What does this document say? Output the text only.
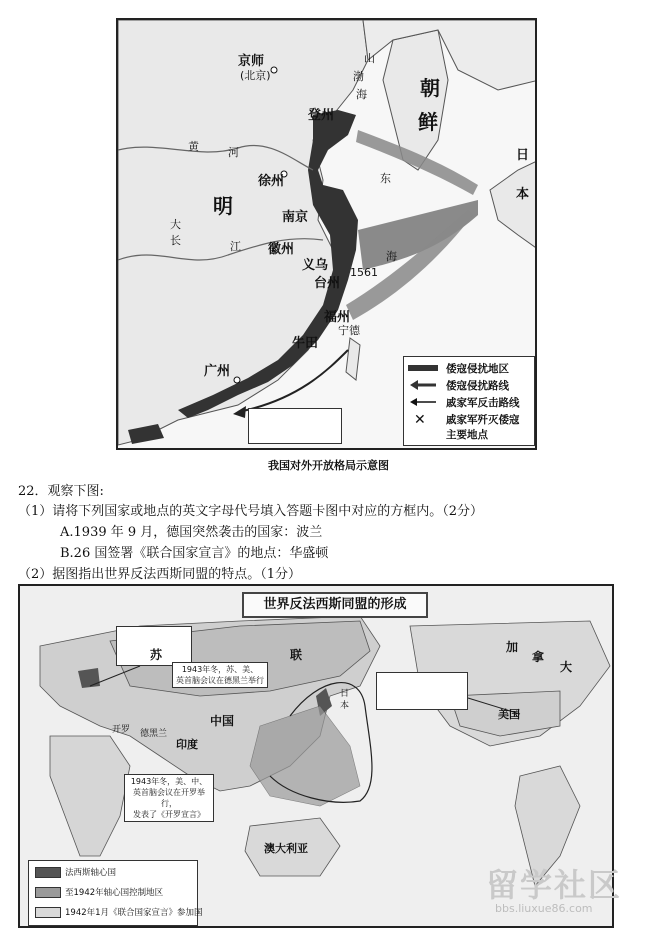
京师
(北京)
明
朝
鲜
日
本
渤
海
山
登州
黄	河
徐州
南京
大
长	江 徽州
义乌
台州
1561
东
海
福州
宁德
牛田
广州	倭寇侵扰地区
倭寇侵扰路线
戚家军反击路线
✕ 戚家军歼灭倭寇
主要地点
我国对外开放格局示意图
22．观察下图:
（1）请将下列国家或地点的英文字母代号填入答题卡图中对应的方框内。（2分）
A.1939 年 9 月，德国突然袭击的国家：波兰
B.26 国签署《联合国家宣言》的地点：华盛顿
（2）据图指出世界反法西斯同盟的特点。（1分）
世界反法西斯同盟的形成
1943年冬，苏、美、
英首脑会议在德黑兰举行
1943年冬，美、中、
英首脑会议在开罗举行，
发表了《开罗宣言》
苏	联
中国
印度
开罗 德黑兰
美国
加
拿
大
澳大利亚
日
本
法西斯轴心国
至1942年轴心国控制地区
1942年1月《联合国家宣言》参加国
留学社区
bbs.liuxue86.com
